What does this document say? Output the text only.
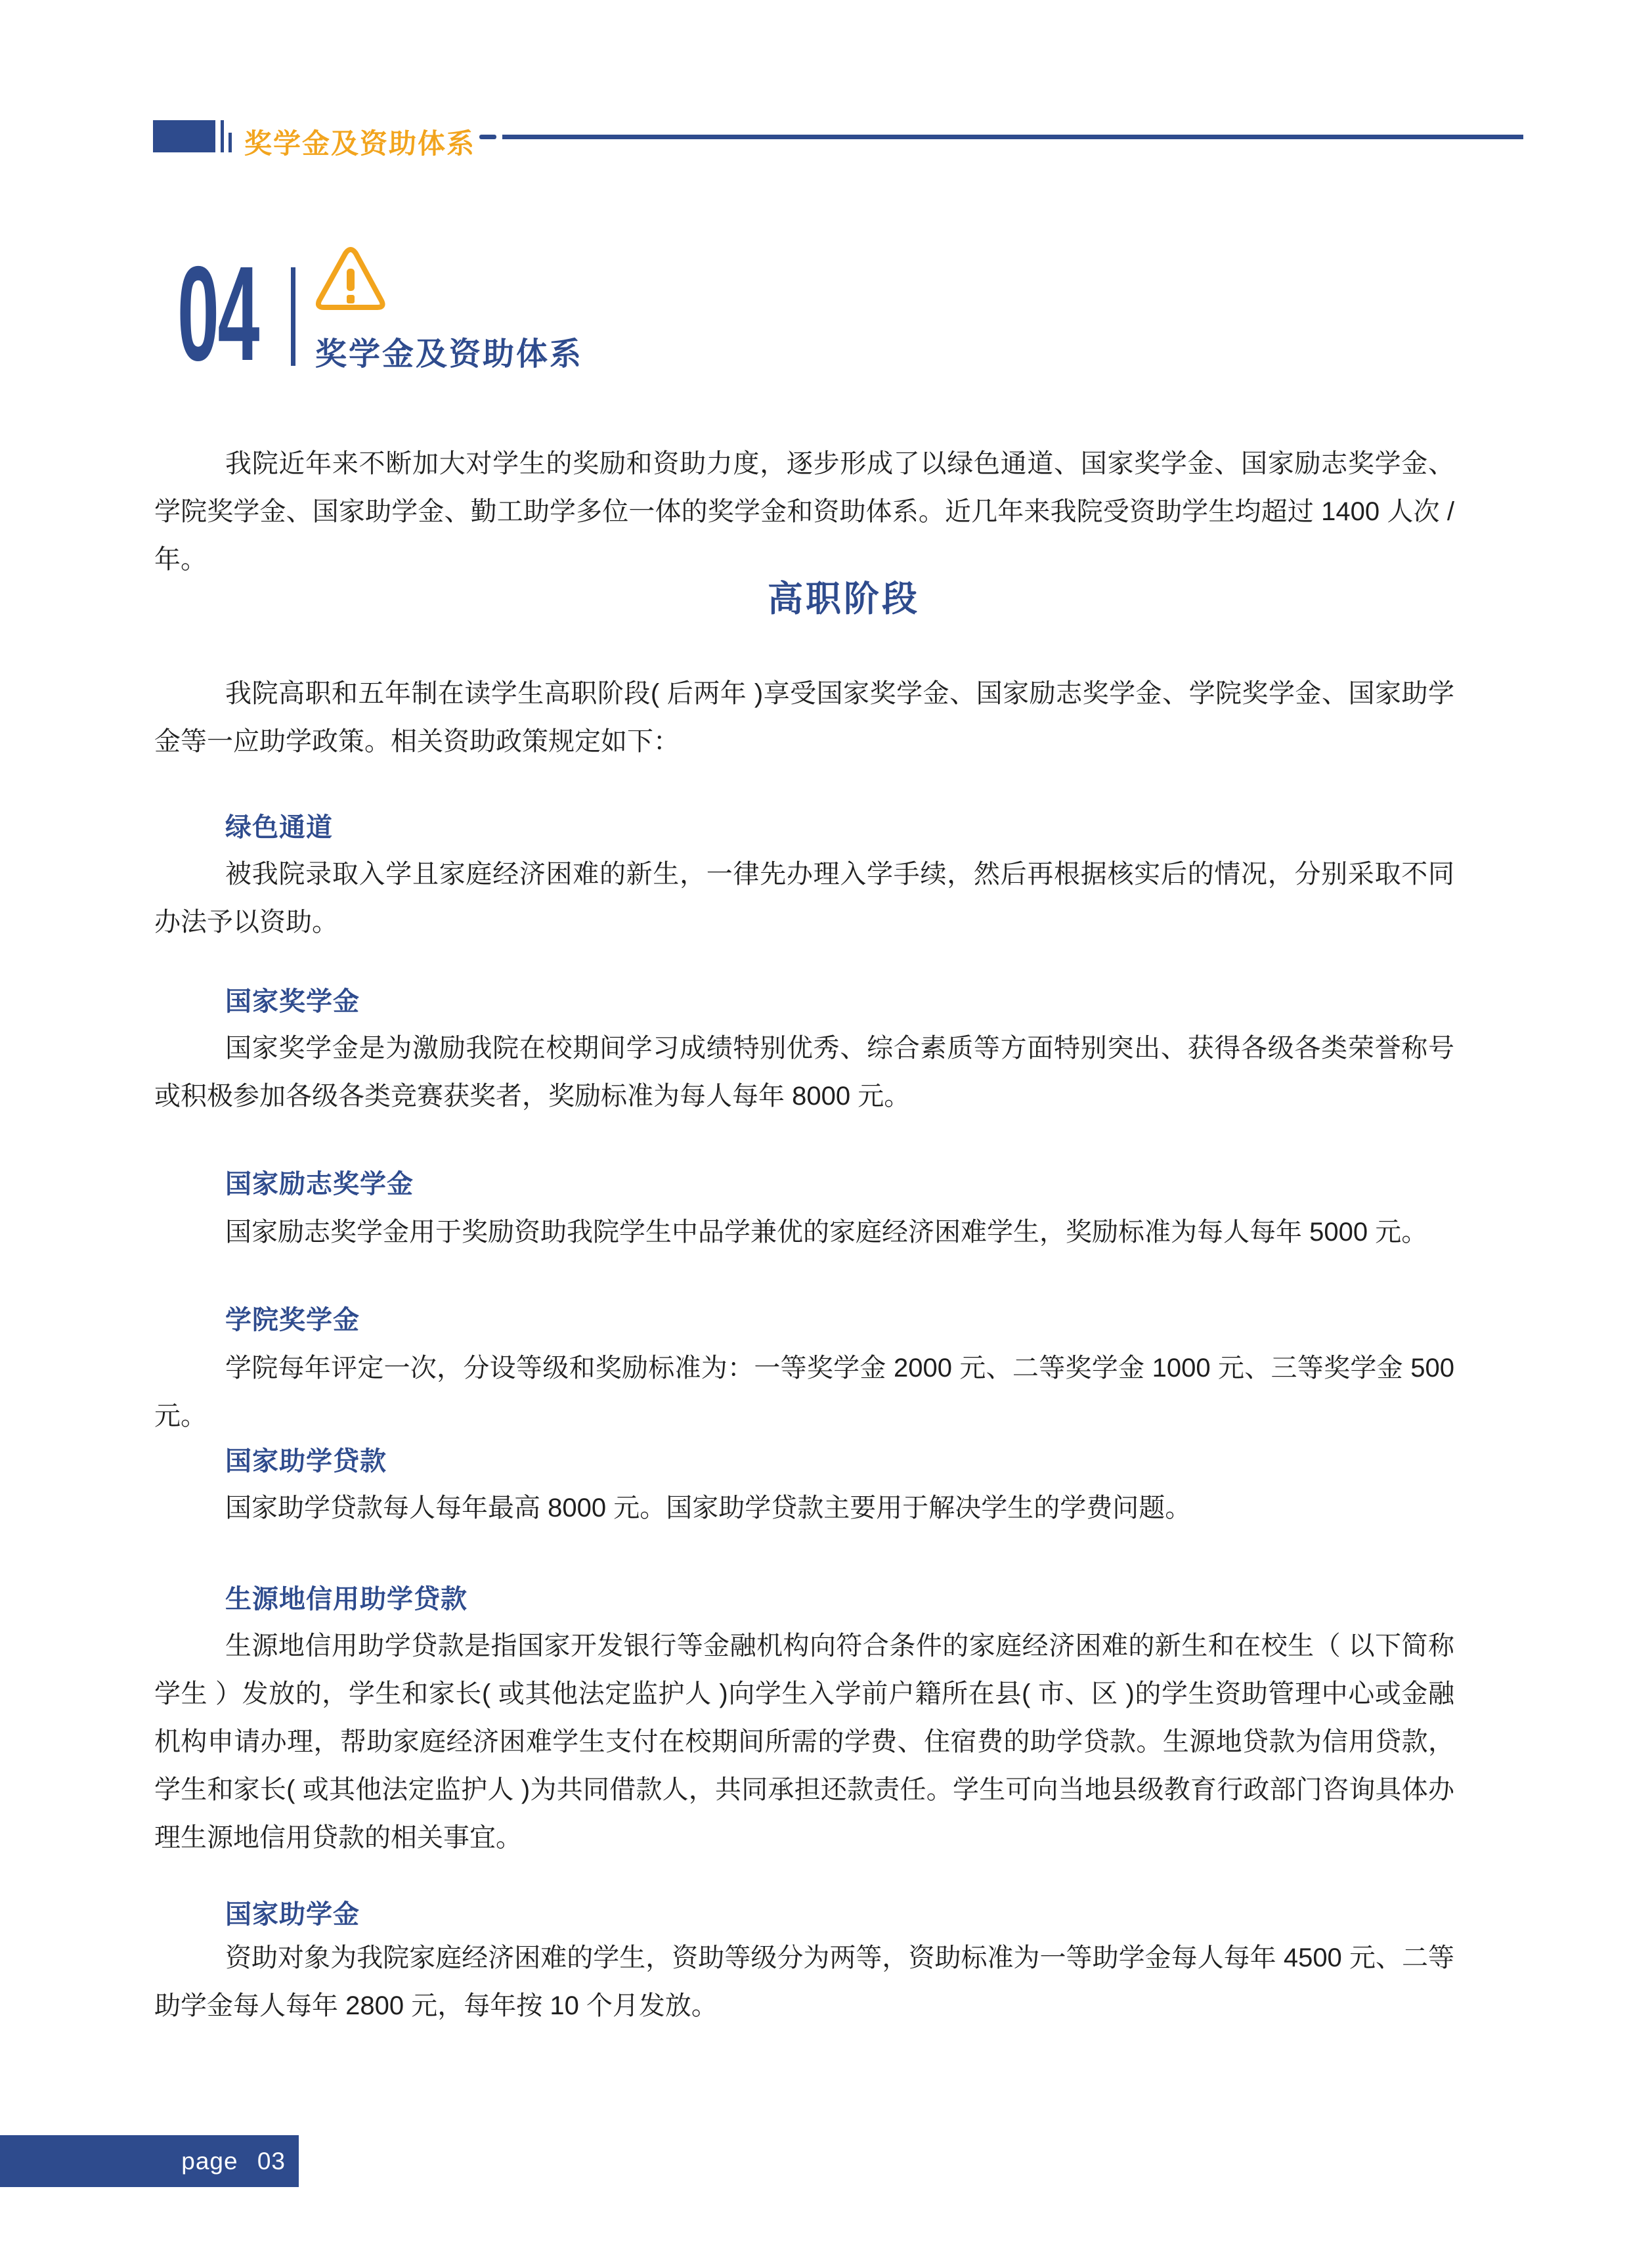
奖学金及资助体系
04 奖学金及资助体系
我院近年来不断加大对学生的奖励和资助力度，逐步形成了以绿色通道、国家奖学金、国家励志奖学金、学院奖学金、国家助学金、勤工助学多位一体的奖学金和资助体系。近几年来我院受资助学生均超过 1400 人次 / 年。
高职阶段
我院高职和五年制在读学生高职阶段( 后两年 )享受国家奖学金、国家励志奖学金、学院奖学金、国家助学金等一应助学政策。相关资助政策规定如下：
绿色通道
被我院录取入学且家庭经济困难的新生，一律先办理入学手续，然后再根据核实后的情况，分别采取不同办法予以资助。
国家奖学金
国家奖学金是为激励我院在校期间学习成绩特别优秀、综合素质等方面特别突出、获得各级各类荣誉称号或积极参加各级各类竞赛获奖者，奖励标准为每人每年 8000 元。
国家励志奖学金
国家励志奖学金用于奖励资助我院学生中品学兼优的家庭经济困难学生，奖励标准为每人每年 5000 元。
学院奖学金
学院每年评定一次，分设等级和奖励标准为：一等奖学金 2000 元、二等奖学金 1000 元、三等奖学金 500 元。
国家助学贷款
国家助学贷款每人每年最高 8000 元。国家助学贷款主要用于解决学生的学费问题。
生源地信用助学贷款
生源地信用助学贷款是指国家开发银行等金融机构向符合条件的家庭经济困难的新生和在校生（ 以下简称学生 ）发放的，学生和家长( 或其他法定监护人 )向学生入学前户籍所在县( 市、区 )的学生资助管理中心或金融机构申请办理，帮助家庭经济困难学生支付在校期间所需的学费、住宿费的助学贷款。生源地贷款为信用贷款，学生和家长( 或其他法定监护人 )为共同借款人，共同承担还款责任。学生可向当地县级教育行政部门咨询具体办理生源地信用贷款的相关事宜。
国家助学金
资助对象为我院家庭经济困难的学生，资助等级分为两等，资助标准为一等助学金每人每年 4500 元、二等助学金每人每年 2800 元，每年按 10 个月发放。
page 03
